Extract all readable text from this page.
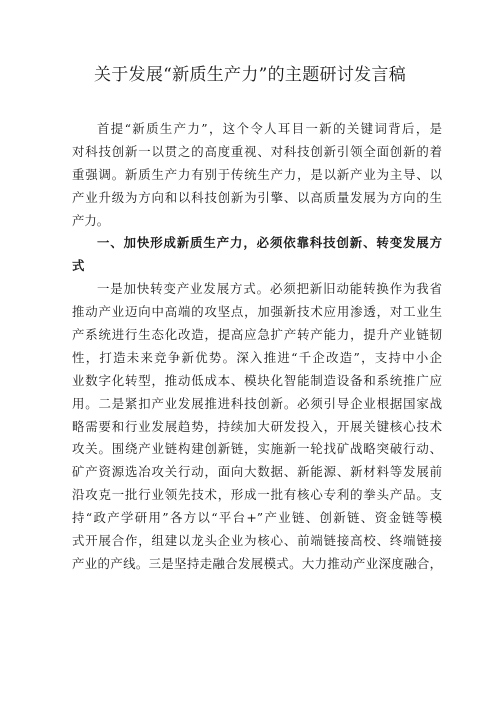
关于发展“新质生产力”的主题研讨发言稿
首提“新质生产力”，这个令人耳目一新的关键词背后，是
对科技创新一以贯之的高度重视、对科技创新引领全面创新的着
重强调。新质生产力有别于传统生产力，是以新产业为主导、以
产业升级为方向和以科技创新为引擎、以高质量发展为方向的生
产力。
一、加快形成新质生产力，必须依靠科技创新、转变发展方
式
一是加快转变产业发展方式。必须把新旧动能转换作为我省
推动产业迈向中高端的攻坚点，加强新技术应用渗透，对工业生
产系统进行生态化改造，提高应急扩产转产能力，提升产业链韧
性，打造未来竞争新优势。深入推进“千企改造”，支持中小企
业数字化转型，推动低成本、模块化智能制造设备和系统推广应
用。二是紧扣产业发展推进科技创新。必须引导企业根据国家战
略需要和行业发展趋势，持续加大研发投入，开展关键核心技术
攻关。围绕产业链构建创新链，实施新一轮找矿战略突破行动、
矿产资源选冶攻关行动，面向大数据、新能源、新材料等发展前
沿攻克一批行业领先技术，形成一批有核心专利的拳头产品。支
持“政产学研用”各方以“平台+”产业链、创新链、资金链等模
式开展合作，组建以龙头企业为核心、前端链接高校、终端链接
产业的产线。三是坚持走融合发展模式。大力推动产业深度融合，
